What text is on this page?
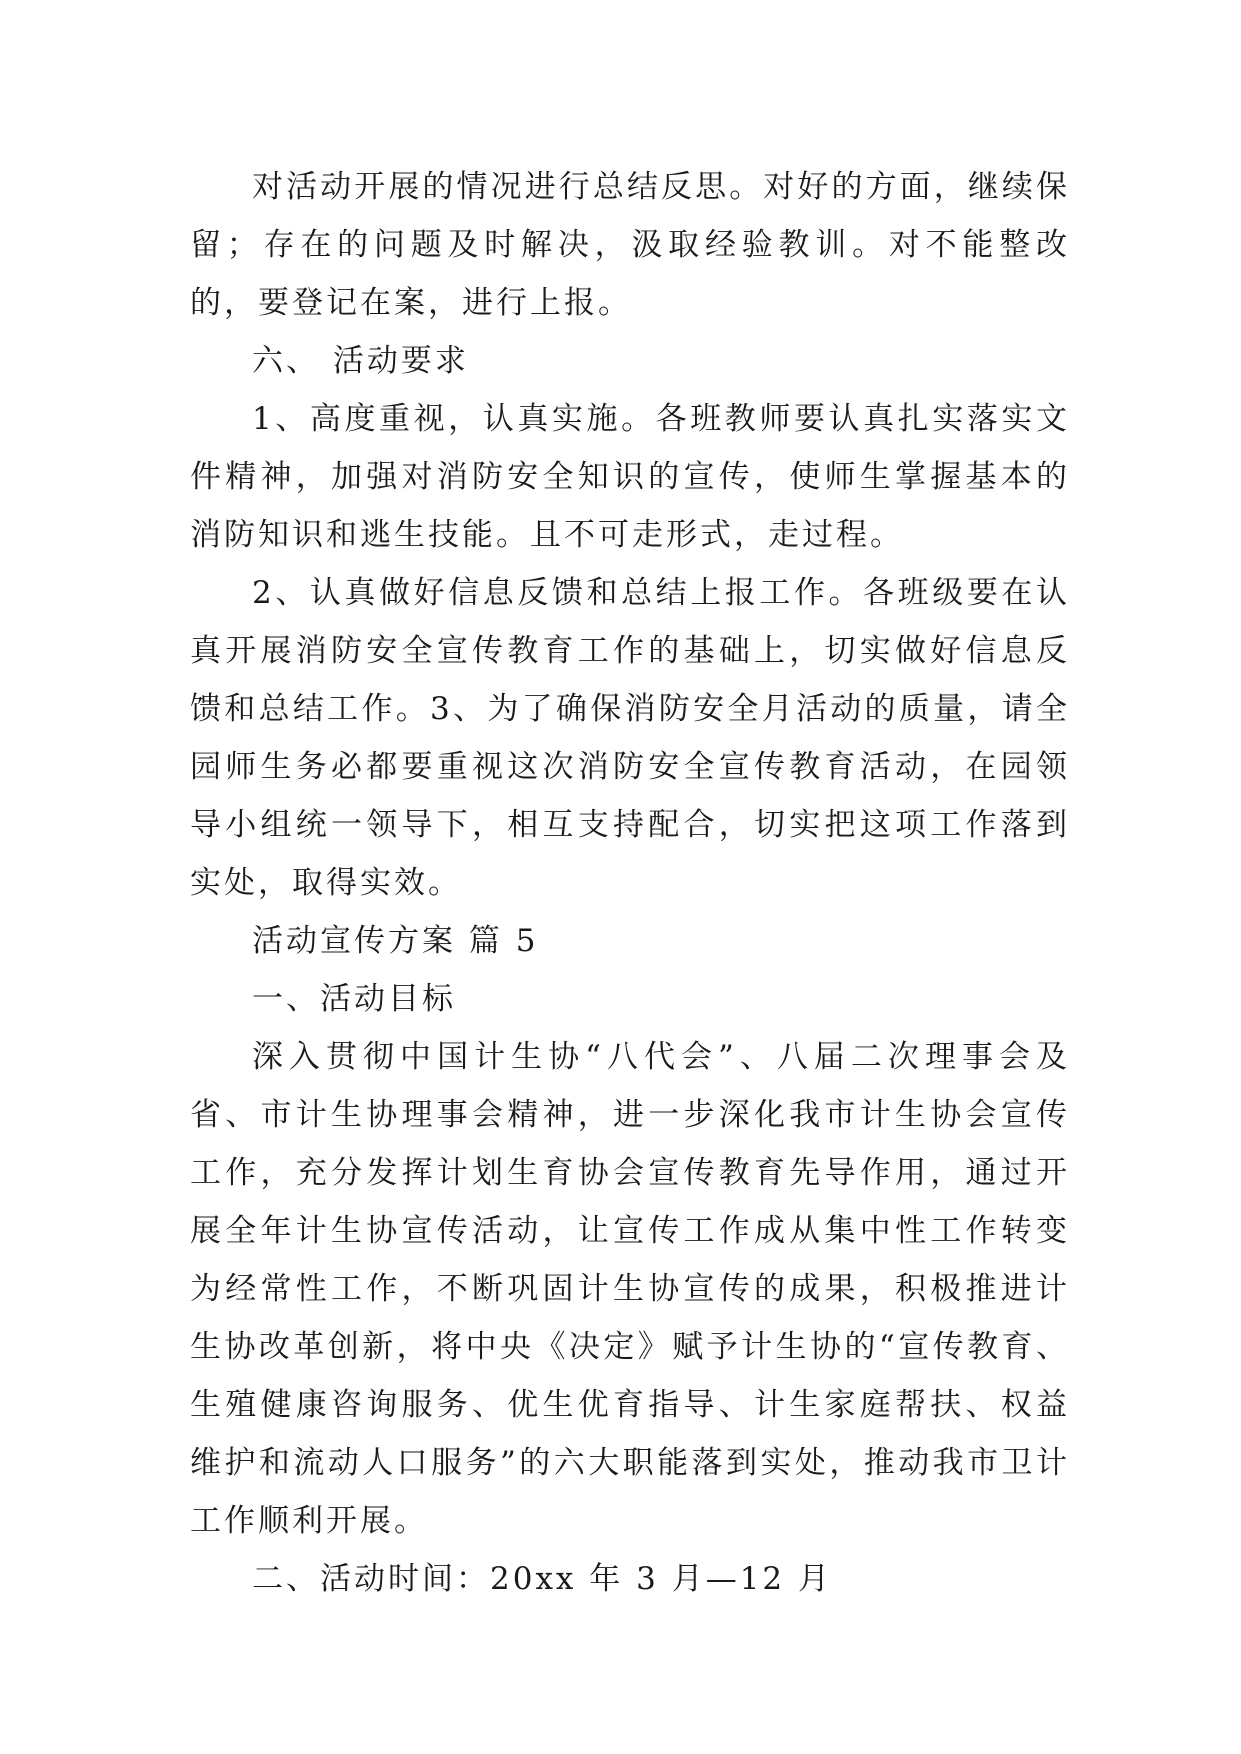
对活动开展的情况进行总结反思。对好的方面，继续保留；存在的问题及时解决，汲取经验教训。对不能整改的，要登记在案，进行上报。

六、 活动要求

1、高度重视，认真实施。各班教师要认真扎实落实文件精神，加强对消防安全知识的宣传，使师生掌握基本的消防知识和逃生技能。且不可走形式，走过程。

2、认真做好信息反馈和总结上报工作。各班级要在认真开展消防安全宣传教育工作的基础上，切实做好信息反馈和总结工作。3、为了确保消防安全月活动的质量，请全园师生务必都要重视这次消防安全宣传教育活动，在园领导小组统一领导下，相互支持配合，切实把这项工作落到实处，取得实效。

活动宣传方案 篇 5

一、活动目标

深入贯彻中国计生协“八代会”、八届二次理事会及省、市计生协理事会精神，进一步深化我市计生协会宣传工作，充分发挥计划生育协会宣传教育先导作用，通过开展全年计生协宣传活动，让宣传工作成从集中性工作转变为经常性工作，不断巩固计生协宣传的成果，积极推进计生协改革创新，将中央《决定》赋予计生协的“宣传教育、生殖健康咨询服务、优生优育指导、计生家庭帮扶、权益维护和流动人口服务”的六大职能落到实处，推动我市卫计工作顺利开展。

二、活动时间：20xx 年 3 月—12 月
